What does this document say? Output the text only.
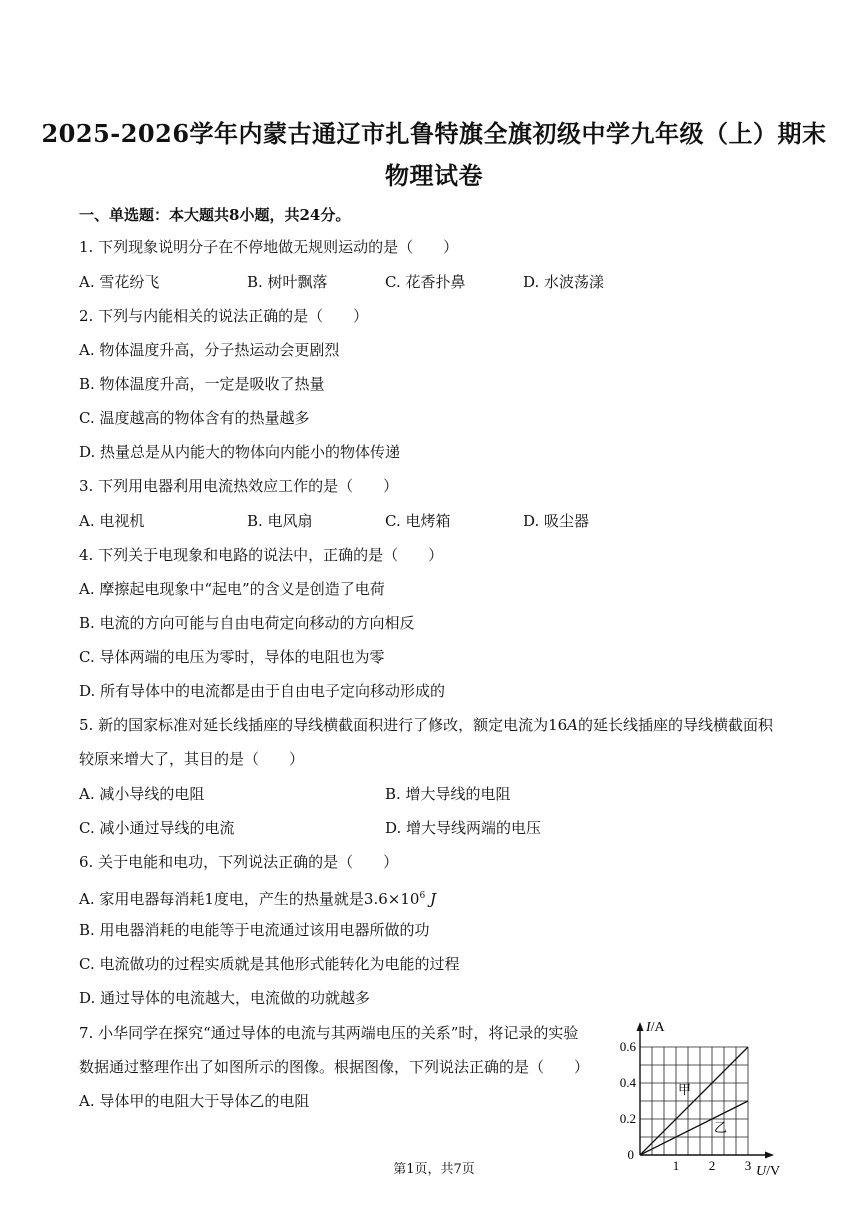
2025-2026学年内蒙古通辽市扎鲁特旗全旗初级中学九年级（上）期末
物理试卷
一、单选题：本大题共8小题，共24分。
1. 下列现象说明分子在不停地做无规则运动的是（　　）
A. 雪花纷飞	B. 树叶飘落	C. 花香扑鼻	D. 水波荡漾
2. 下列与内能相关的说法正确的是（　　）
A. 物体温度升高，分子热运动会更剧烈
B. 物体温度升高，一定是吸收了热量
C. 温度越高的物体含有的热量越多
D. 热量总是从内能大的物体向内能小的物体传递
3. 下列用电器利用电流热效应工作的是（　　）
A. 电视机	B. 电风扇	C. 电烤箱	D. 吸尘器
4. 下列关于电现象和电路的说法中，正确的是（　　）
A. 摩擦起电现象中“起电”的含义是创造了电荷
B. 电流的方向可能与自由电荷定向移动的方向相反
C. 导体两端的电压为零时，导体的电阻也为零
D. 所有导体中的电流都是由于自由电子定向移动形成的
5. 新的国家标准对延长线插座的导线横截面积进行了修改，额定电流为16A的延长线插座的导线横截面积
较原来增大了，其目的是（　　）
A. 减小导线的电阻	B. 增大导线的电阻
C. 减小通过导线的电流	D. 增大导线两端的电压
6. 关于电能和电功，下列说法正确的是（　　）
A. 家用电器每消耗1度电，产生的热量就是$3.6\times 10^6$ J
B. 用电器消耗的电能等于电流通过该用电器所做的功
C. 电流做功的过程实质就是其他形式能转化为电能的过程
D. 通过导体的电流越大，电流做的功就越多
7. 小华同学在探究“通过导体的电流与其两端电压的关系”时，将记录的实验
数据通过整理作出了如图所示的图像。根据图像，下列说法正确的是（　　）
A. 导体甲的电阻大于导体乙的电阻
I/A
0.6
0.4
0.2
0
1 2 3 U/V
甲
乙
第1页，共7页
